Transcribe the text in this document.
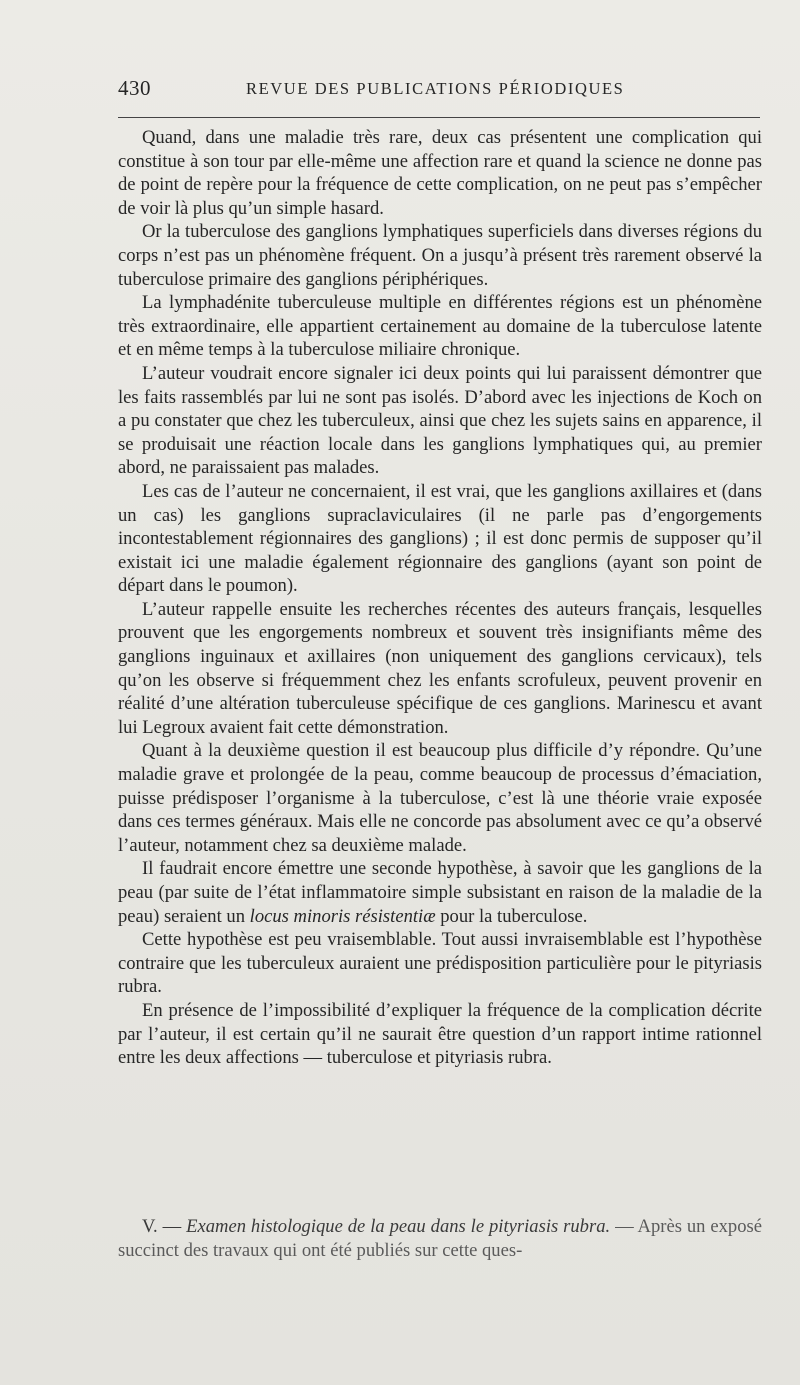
430	REVUE DES PUBLICATIONS PÉRIODIQUES

Quand, dans une maladie très rare, deux cas présentent une complication qui constitue à son tour par elle-même une affection rare et quand la science ne donne pas de point de repère pour la fréquence de cette complication, on ne peut pas s’empêcher de voir là plus qu’un simple hasard.

Or la tuberculose des ganglions lymphatiques superficiels dans diverses régions du corps n’est pas un phénomène fréquent. On a jusqu’à présent très rarement observé la tuberculose primaire des ganglions périphériques.

La lymphadénite tuberculeuse multiple en différentes régions est un phénomène très extraordinaire, elle appartient certainement au domaine de la tuberculose latente et en même temps à la tuberculose miliaire chronique.

L’auteur voudrait encore signaler ici deux points qui lui paraissent démontrer que les faits rassemblés par lui ne sont pas isolés. D’abord avec les injections de Koch on a pu constater que chez les tuberculeux, ainsi que chez les sujets sains en apparence, il se produisait une réaction locale dans les ganglions lymphatiques qui, au premier abord, ne paraissaient pas malades.

Les cas de l’auteur ne concernaient, il est vrai, que les ganglions axillaires et (dans un cas) les ganglions supraclaviculaires (il ne parle pas d’engorgements incontestablement régionnaires des ganglions) ; il est donc permis de supposer qu’il existait ici une maladie également régionnaire des ganglions (ayant son point de départ dans le poumon).

L’auteur rappelle ensuite les recherches récentes des auteurs français, lesquelles prouvent que les engorgements nombreux et souvent très insignifiants même des ganglions inguinaux et axillaires (non uniquement des ganglions cervicaux), tels qu’on les observe si fréquemment chez les enfants scrofuleux, peuvent provenir en réalité d’une altération tuberculeuse spécifique de ces ganglions. Marinescu et avant lui Legroux avaient fait cette démonstration.

Quant à la deuxième question il est beaucoup plus difficile d’y répondre. Qu’une maladie grave et prolongée de la peau, comme beaucoup de processus d’émaciation, puisse prédisposer l’organisme à la tuberculose, c’est là une théorie vraie exposée dans ces termes généraux. Mais elle ne concorde pas absolument avec ce qu’a observé l’auteur, notamment chez sa deuxième malade.

Il faudrait encore émettre une seconde hypothèse, à savoir que les ganglions de la peau (par suite de l’état inflammatoire simple subsistant en raison de la maladie de la peau) seraient un locus minoris résistentiæ pour la tuberculose.

Cette hypothèse est peu vraisemblable. Tout aussi invraisemblable est l’hypothèse contraire que les tuberculeux auraient une prédisposition particulière pour le pityriasis rubra.

En présence de l’impossibilité d’expliquer la fréquence de la complication décrite par l’auteur, il est certain qu’il ne saurait être question d’un rapport intime rationnel entre les deux affections — tuberculose et pityriasis rubra.

V. — Examen histologique de la peau dans le pityriasis rubra. — Après un exposé succinct des travaux qui ont été publiés sur cette ques-
